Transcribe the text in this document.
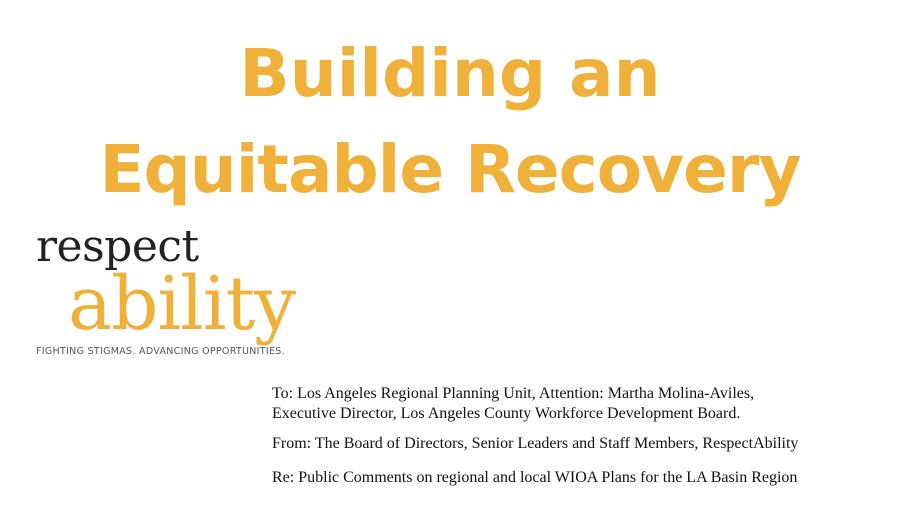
Building an
Equitable Recovery
respect
ability
FIGHTING STIGMAS. ADVANCING OPPORTUNITIES.
To: Los Angeles Regional Planning Unit, Attention: Martha Molina-Aviles,
Executive Director, Los Angeles County Workforce Development Board.
From: The Board of Directors, Senior Leaders and Staff Members, RespectAbility
Re: Public Comments on regional and local WIOA Plans for the LA Basin Region
